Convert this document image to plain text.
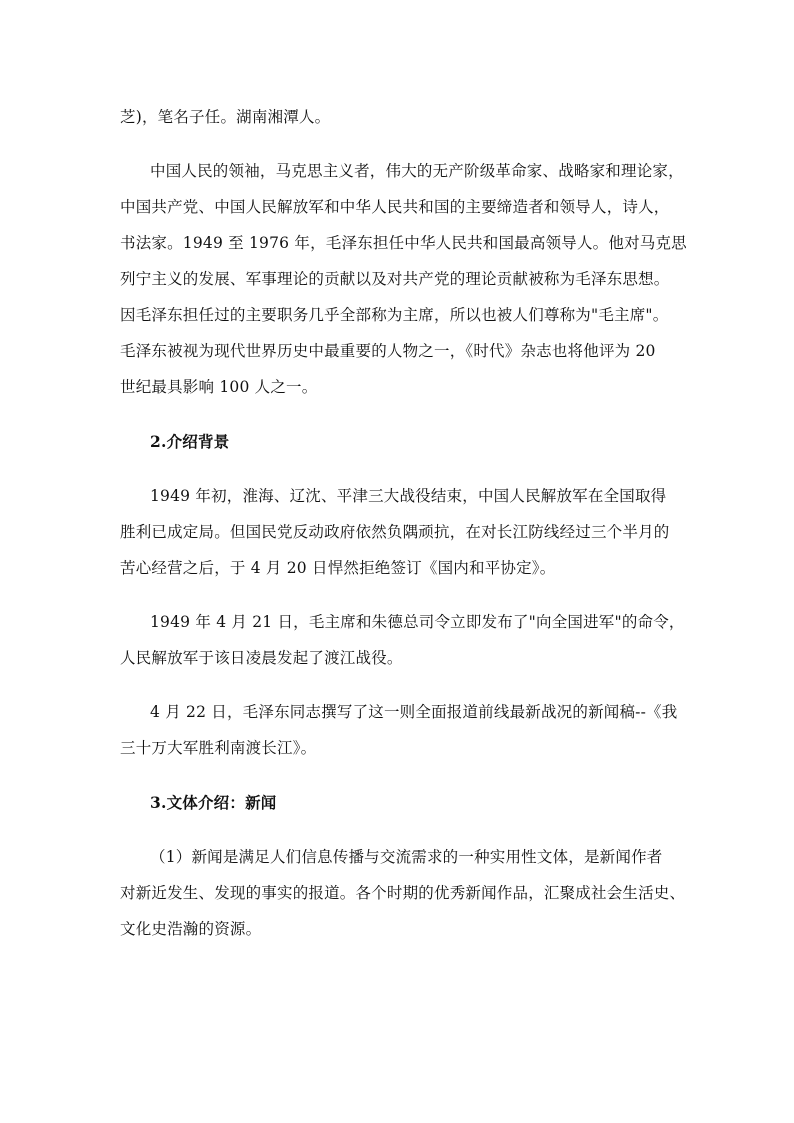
芝)，笔名子任。湖南湘潭人。
中国人民的领袖，马克思主义者，伟大的无产阶级革命家、战略家和理论家，
中国共产党、中国人民解放军和中华人民共和国的主要缔造者和领导人，诗人，
书法家。1949 至 1976 年，毛泽东担任中华人民共和国最高领导人。他对马克思
列宁主义的发展、军事理论的贡献以及对共产党的理论贡献被称为毛泽东思想。
因毛泽东担任过的主要职务几乎全部称为主席，所以也被人们尊称为"毛主席"。
毛泽东被视为现代世界历史中最重要的人物之一，《时代》杂志也将他评为 20
世纪最具影响 100 人之一。
2.介绍背景
1949 年初，淮海、辽沈、平津三大战役结束，中国人民解放军在全国取得
胜利已成定局。但国民党反动政府依然负隅顽抗，在对长江防线经过三个半月的
苦心经营之后，于 4 月 20 日悍然拒绝签订《国内和平协定》。
1949 年 4 月 21 日，毛主席和朱德总司令立即发布了"向全国进军"的命令，
人民解放军于该日凌晨发起了渡江战役。
4 月 22 日，毛泽东同志撰写了这一则全面报道前线最新战况的新闻稿--《我
三十万大军胜利南渡长江》。
3.文体介绍：新闻
（1）新闻是满足人们信息传播与交流需求的一种实用性文体，是新闻作者
对新近发生、发现的事实的报道。各个时期的优秀新闻作品，汇聚成社会生活史、
文化史浩瀚的资源。
